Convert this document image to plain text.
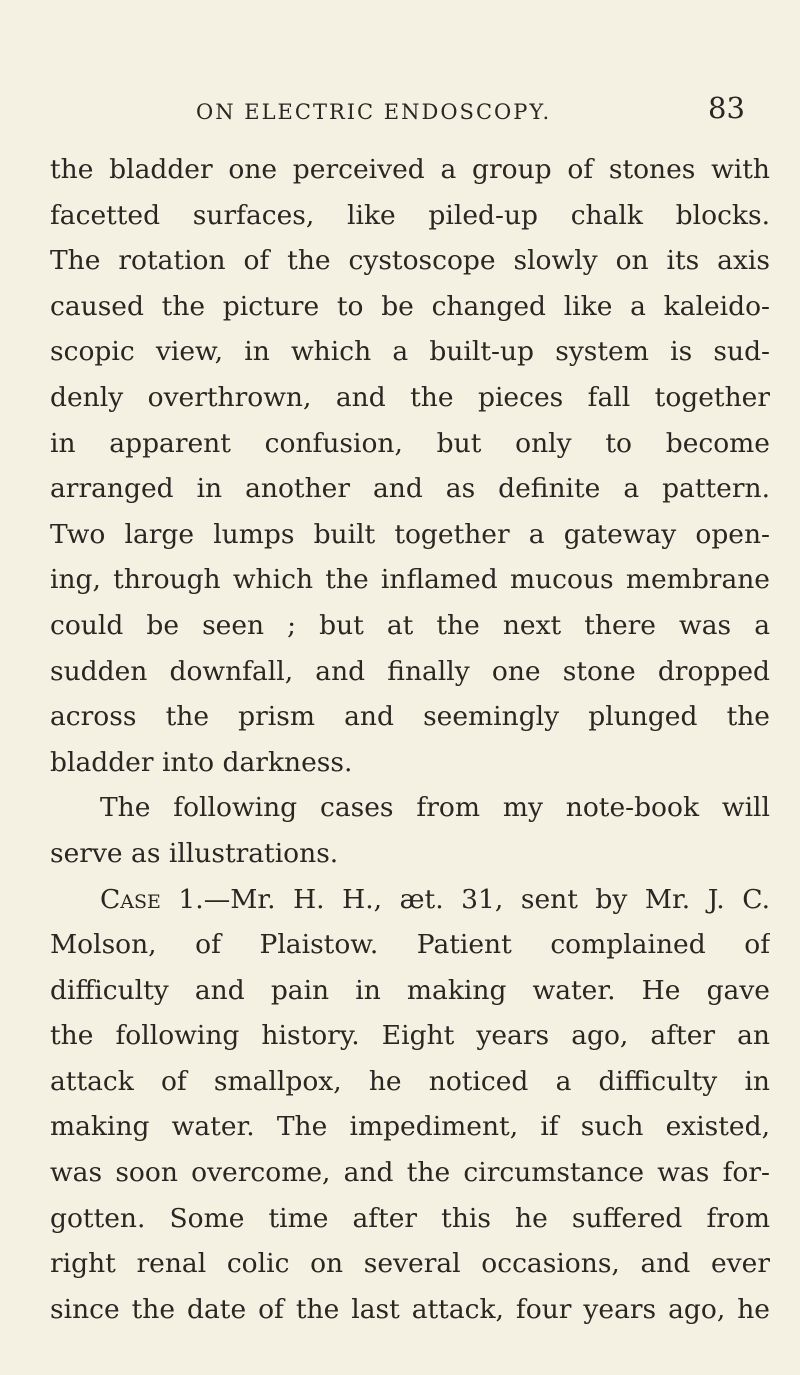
ON ELECTRIC ENDOSCOPY.	83
the bladder one perceived a group of stones with
facetted surfaces, like piled-up chalk blocks.
The rotation of the cystoscope slowly on its axis
caused the picture to be changed like a kaleido-
scopic view, in which a built-up system is sud-
denly overthrown, and the pieces fall together
in apparent confusion, but only to become
arranged in another and as definite a pattern.
Two large lumps built together a gateway open-
ing, through which the inflamed mucous membrane
could be seen ; but at the next there was a
sudden downfall, and finally one stone dropped
across the prism and seemingly plunged the
bladder into darkness.
The following cases from my note-book will
serve as illustrations.
Case 1.—Mr. H. H., æt. 31, sent by Mr. J. C.
Molson, of Plaistow. Patient complained of
difficulty and pain in making water. He gave
the following history. Eight years ago, after an
attack of smallpox, he noticed a difficulty in
making water. The impediment, if such existed,
was soon overcome, and the circumstance was for-
gotten. Some time after this he suffered from
right renal colic on several occasions, and ever
since the date of the last attack, four years ago, he
